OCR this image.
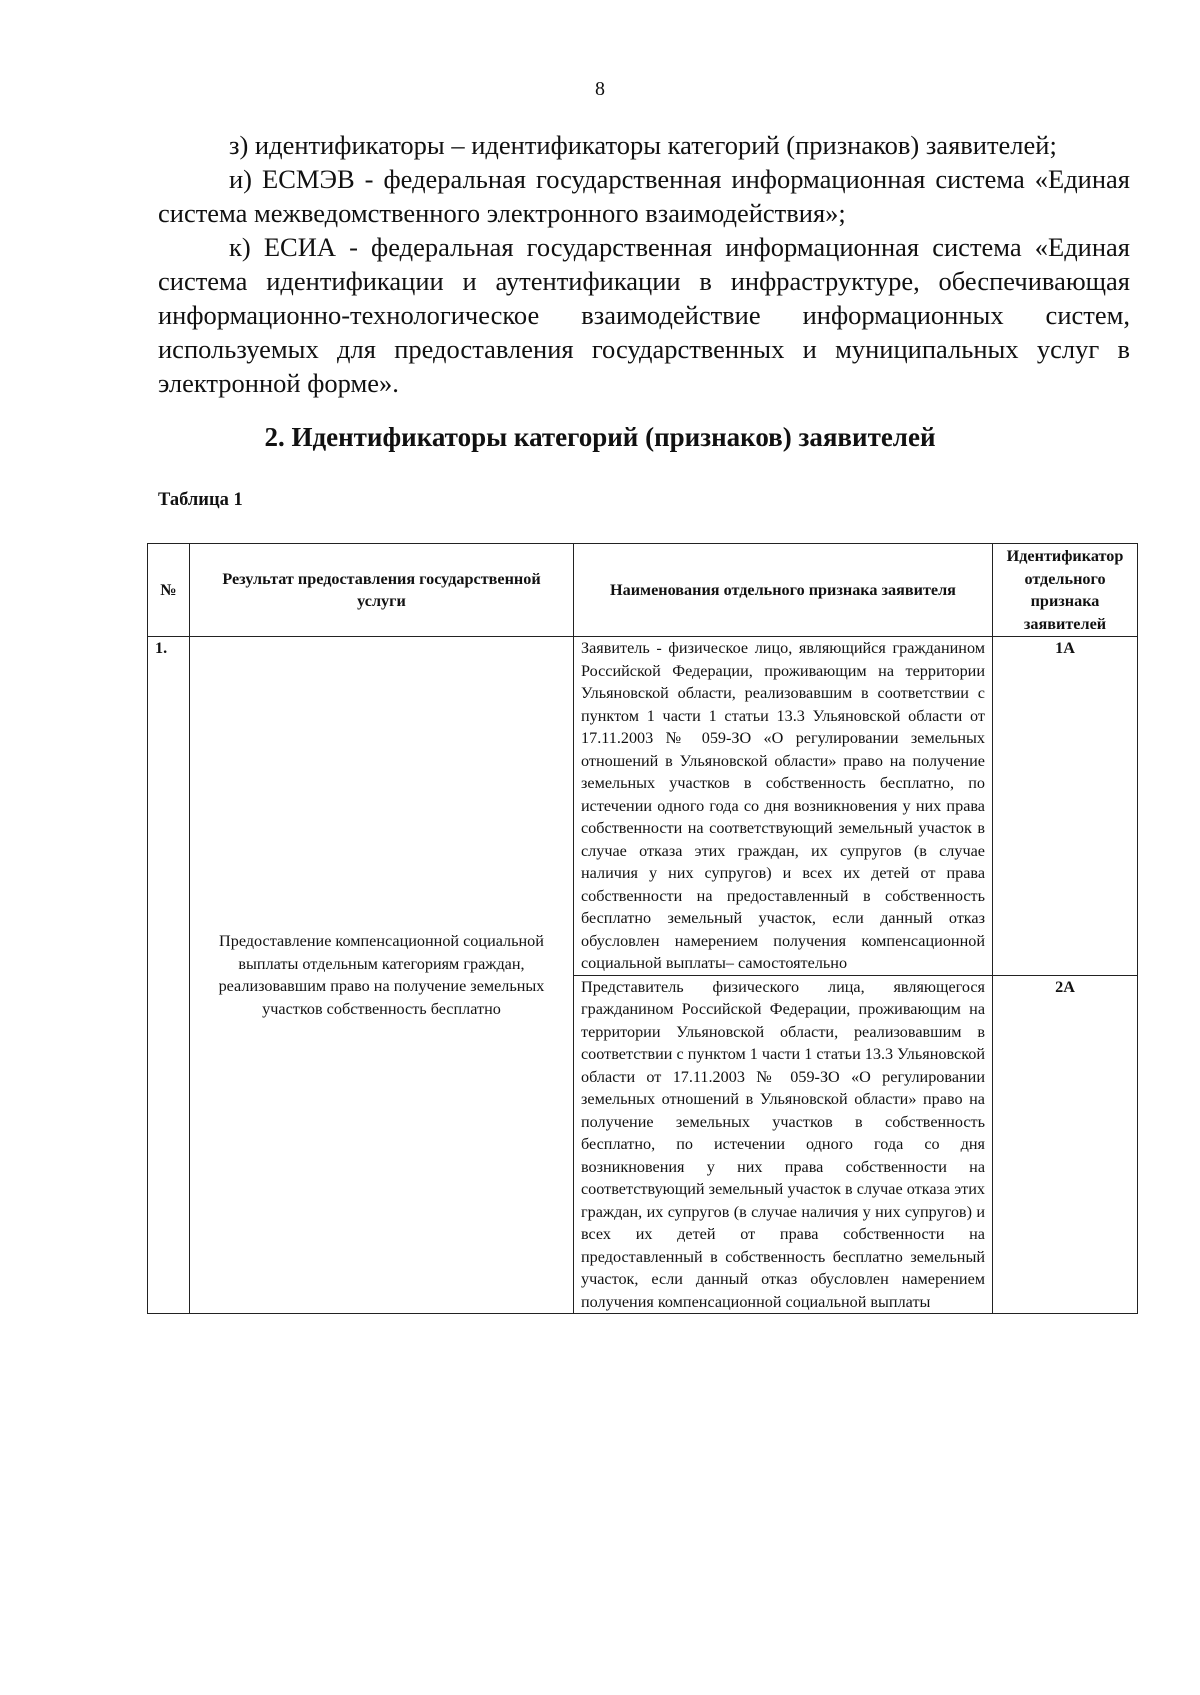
8

з) идентификаторы – идентификаторы категорий (признаков) заявителей;

и) ЕСМЭВ - федеральная государственная информационная система «Единая система межведомственного электронного взаимодействия»;

к) ЕСИА - федеральная государственная информационная система «Единая система идентификации и аутентификации в инфраструктуре, обеспечивающая информационно-технологическое взаимодействие информационных систем, используемых для предоставления государственных и муниципальных услуг в электронной форме».

2. Идентификаторы категорий (признаков) заявителей
Таблица 1
№	Результат предоставления государственной услуги	Наименования отдельного признака заявителя	Идентификатор отдельного признака заявителей
1.	Предоставление компенсационной социальной выплаты отдельным категориям граждан, реализовавшим право на получение земельных участков собственность бесплатно	Заявитель - физическое лицо, являющийся гражданином Российской Федерации, проживающим на территории Ульяновской области, реализовавшим в соответствии с пунктом 1 части 1 статьи 13.3 Ульяновской области от 17.11.2003 № 059-ЗО «О регулировании земельных отношений в Ульяновской области» право на получение земельных участков в собственность бесплатно, по истечении одного года со дня возникновения у них права собственности на соответствующий земельный участок в случае отказа этих граждан, их супругов (в случае наличия у них супругов) и всех их детей от права собственности на предоставленный в собственность бесплатно земельный участок, если данный отказ обусловлен намерением получения компенсационной социальной выплаты– самостоятельно	1А
		Представитель физического лица, являющегося гражданином Российской Федерации, проживающим на территории Ульяновской области, реализовавшим в соответствии с пунктом 1 части 1 статьи 13.3 Ульяновской области от 17.11.2003 № 059-ЗО «О регулировании земельных отношений в Ульяновской области» право на получение земельных участков в собственность бесплатно, по истечении одного года со дня возникновения у них права собственности на соответствующий земельный участок в случае отказа этих граждан, их супругов (в случае наличия у них супругов) и всех их детей от права собственности на предоставленный в собственность бесплатно земельный участок, если данный отказ обусловлен намерением получения компенсационной социальной выплаты	2А
